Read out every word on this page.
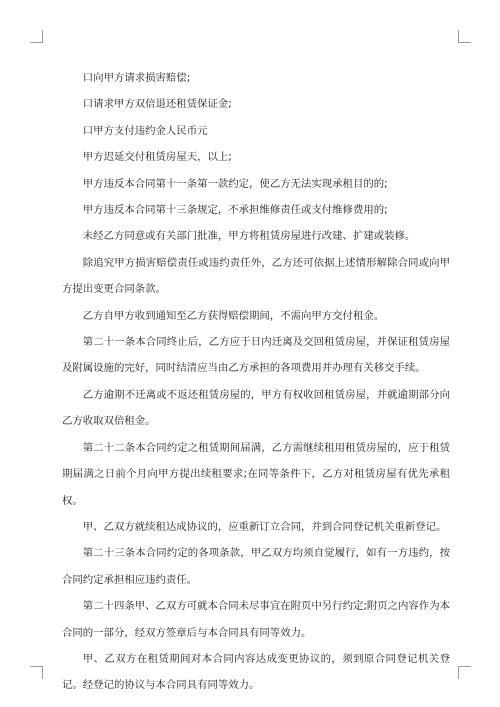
口向甲方请求损害赔偿;

口请求甲方双倍退还租赁保证金;

口甲方支付违约金人民币元

甲方迟延交付租赁房屋天，以上;

甲方违反本合同第十一条第一款约定，使乙方无法实现承租目的的;

甲方违反本合同第十三条规定，不承担维修责任或支付维修费用的;

未经乙方同意或有关部门批准，甲方将租赁房屋进行改建、扩建或装修。

除追究甲方损害赔偿责任或违约责任外，乙方还可依据上述情形解除合同或向甲方提出变更合同条款。

乙方自甲方收到通知至乙方获得赔偿期间，不需向甲方交付租金。

第二十一条本合同终止后，乙方应于日内迁离及交回租赁房屋，并保证租赁房屋及附属设施的完好，同时结清应当由乙方承担的各项费用并办理有关移交手续。

乙方逾期不迁离或不返还租赁房屋的，甲方有权收回租赁房屋，并就逾期部分向乙方收取双倍租金。

第二十二条本合同约定之租赁期间届满，乙方需继续租用租赁房屋的，应于租赁期届满之日前个月向甲方提出续租要求;在同等条件下，乙方对租赁房屋有优先承租权。

甲、乙双方就续租达成协议的，应重新订立合同，并到合同登记机关重新登记。

第二十三条本合同约定的各项条款，甲乙双方均须自觉履行，如有一方违约，按合同约定承担相应违约责任。

第二十四条甲、乙双方可就本合同未尽事宜在附页中另行约定;附页之内容作为本合同的一部分，经双方签章后与本合同具有同等效力。

甲、乙双方在租赁期间对本合同内容达成变更协议的，须到原合同登记机关登记。经登记的协议与本合同具有同等效力。
